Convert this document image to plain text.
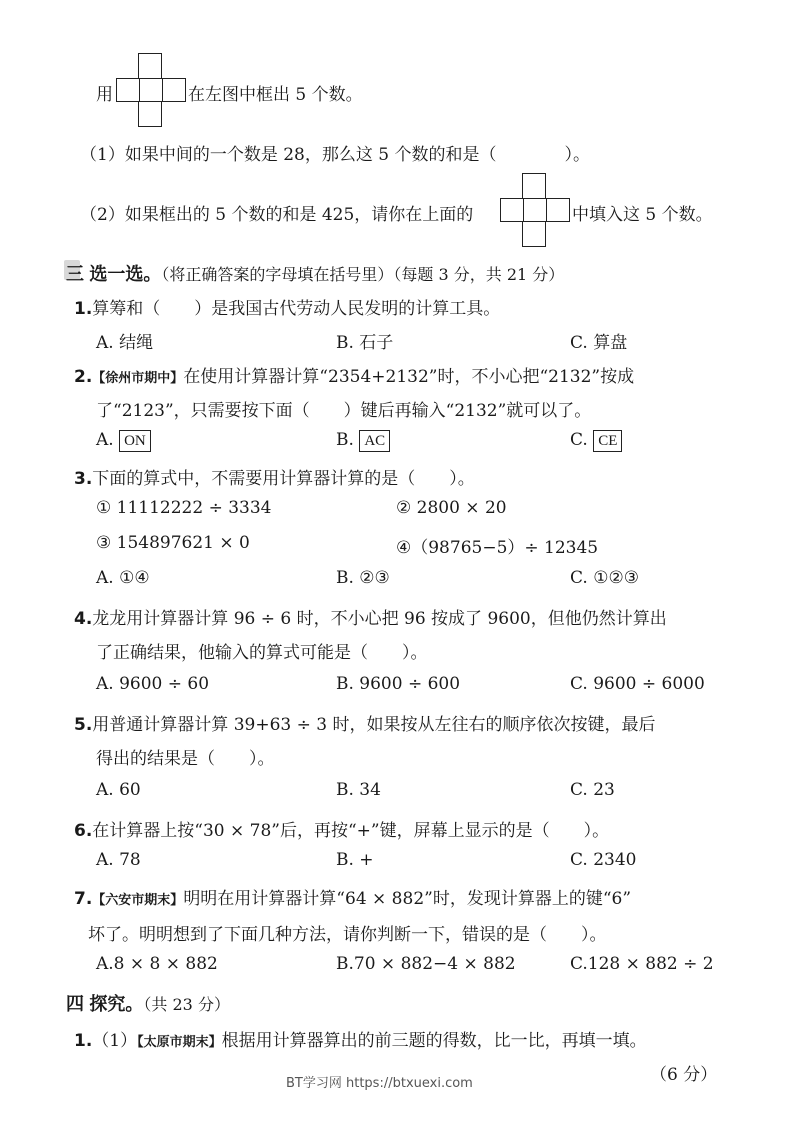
用	在左图中框出 5 个数。
（1）如果中间的一个数是 28，那么这 5 个数的和是（　　　　）。
（2）如果框出的 5 个数的和是 425，请你在上面的	中填入这 5 个数。
三 选一选。（将正确答案的字母填在括号里）（每题 3 分，共 21 分）
1.算筹和（　　）是我国古代劳动人民发明的计算工具。
A. 结绳	B. 石子	C. 算盘
2.【徐州市期中】在使用计算器计算“2354+2132”时，不小心把“2132”按成
了“2123”，只需要按下面（　　）键后再输入“2132”就可以了。
A. ON	B. AC	C. CE
3.下面的算式中，不需要用计算器计算的是（　　）。
① 11112222 ÷ 3334	② 2800 × 20
③ 154897621 × 0	④（98765−5）÷ 12345
A. ①④	B. ②③	C. ①②③
4.龙龙用计算器计算 96 ÷ 6 时，不小心把 96 按成了 9600，但他仍然计算出
了正确结果，他输入的算式可能是（　　）。
A. 9600 ÷ 60	B. 9600 ÷ 600	C. 9600 ÷ 6000
5.用普通计算器计算 39+63 ÷ 3 时，如果按从左往右的顺序依次按键，最后
得出的结果是（　　）。
A. 60	B. 34	C. 23
6.在计算器上按“30 × 78”后，再按“+”键，屏幕上显示的是（　　）。
A. 78	B. +	C. 2340
7.【六安市期末】明明在用计算器计算“64 × 882”时，发现计算器上的键“6”
坏了。明明想到了下面几种方法，请你判断一下，错误的是（　　）。
A.8 × 8 × 882	B.70 × 882−4 × 882	C.128 × 882 ÷ 2
四 探究。（共 23 分）
1.（1）【太原市期末】根据用计算器算出的前三题的得数，比一比，再填一填。
（6 分）
BT学习网 https://btxuexi.com
